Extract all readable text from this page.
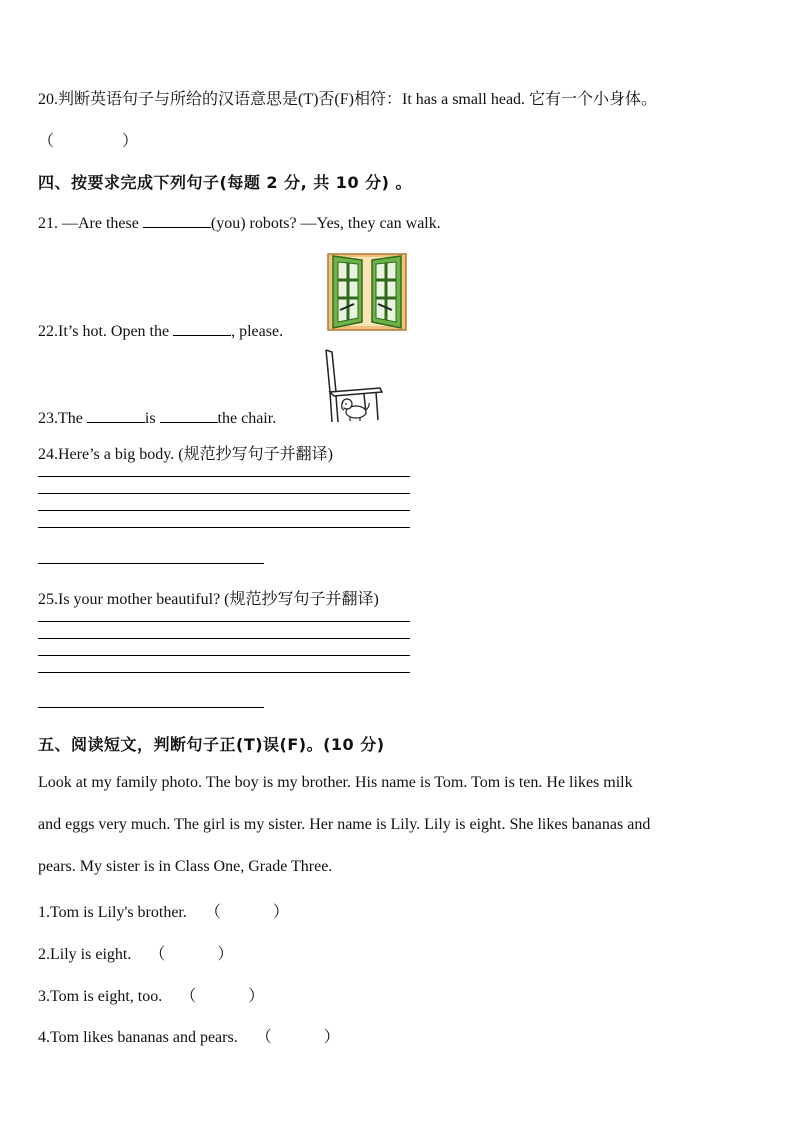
20.判断英语句子与所给的汉语意思是(T)否(F)相符：It has a small head. 它有一个小身体。
（ 　　　　）
四、按要求完成下列句子(每题 2 分, 共 10 分) 。
21. —Are these	(you) robots? —Yes, they can walk.
22.It’s hot. Open the	, please.
23.The	is	the chair.
24.Here’s a big body. (规范抄写句子并翻译)
25.Is your mother beautiful? (规范抄写句子并翻译)
五、阅读短文，判断句子正(T)误(F)。(10 分)
Look at my family photo. The boy is my brother. His name is Tom. Tom is ten. He likes milk
and eggs very much. The girl is my sister. Her name is Lily. Lily is eight. She likes bananas and
pears. My sister is in Class One, Grade Three.
1.Tom is Lily's brother. （ 　　　）
2.Lily is eight. （ 　　　）
3.Tom is eight, too. （ 　　　）
4.Tom likes bananas and pears. （ 　　　）
